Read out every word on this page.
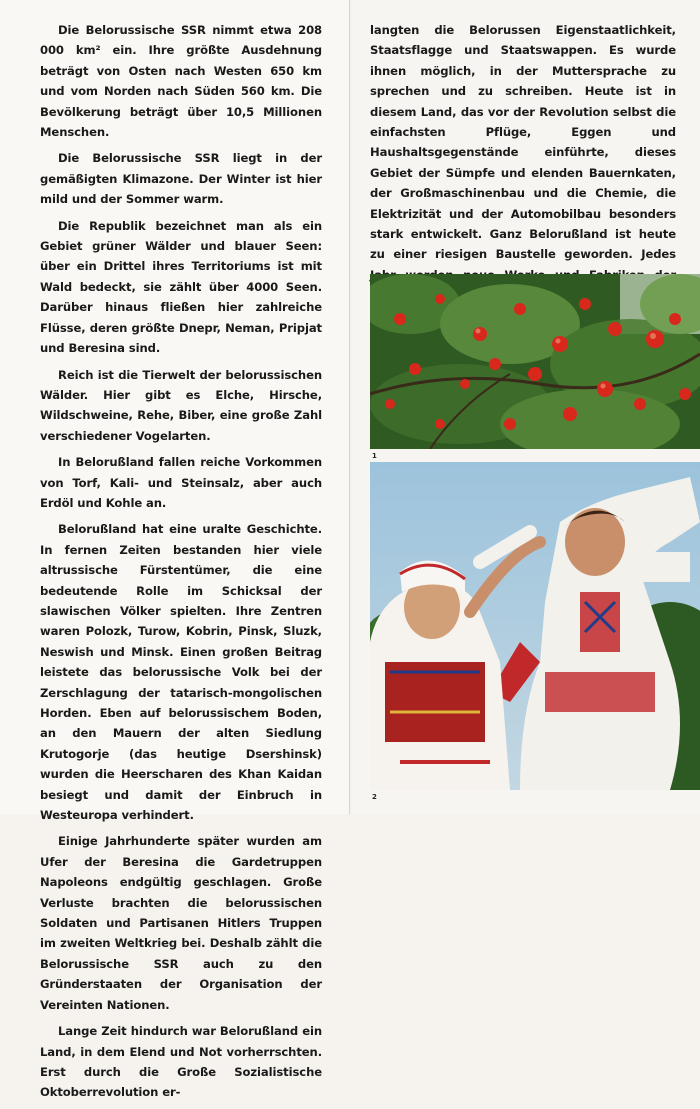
Die Belorussische SSR nimmt etwa 208 000 km² ein. Ihre größte Ausdehnung beträgt von Osten nach Westen 650 km und vom Norden nach Süden 560 km. Die Bevölkerung beträgt über 10,5 Millionen Menschen.

Die Belorussische SSR liegt in der gemäßigten Klimazone. Der Winter ist hier mild und der Sommer warm.

Die Republik bezeichnet man als ein Gebiet grüner Wälder und blauer Seen: über ein Drittel ihres Territoriums ist mit Wald bedeckt, sie zählt über 4000 Seen. Darüber hinaus fließen hier zahlreiche Flüsse, deren größte Dnepr, Neman, Pripjat und Beresina sind.

Reich ist die Tierwelt der belorussischen Wälder. Hier gibt es Elche, Hirsche, Wildschweine, Rehe, Biber, eine große Zahl verschiedener Vogelarten.

In Belorußland fallen reiche Vorkommen von Torf, Kali- und Steinsalz, aber auch Erdöl und Kohle an.

Belorußland hat eine uralte Geschichte. In fernen Zeiten bestanden hier viele altrussische Fürstentümer, die eine bedeutende Rolle im Schicksal der slawischen Völker spielten. Ihre Zentren waren Polozk, Turow, Kobrin, Pinsk, Sluzk, Neswish und Minsk. Einen großen Beitrag leistete das belorussische Volk bei der Zerschlagung der tatarisch-mongolischen Horden. Eben auf belorussischem Boden, an den Mauern der alten Siedlung Krutogorje (das heutige Dsershinsk) wurden die Heerscharen des Khan Kaidan besiegt und damit der Einbruch in Westeuropa verhindert.

Einige Jahrhunderte später wurden am Ufer der Beresina die Gardetruppen Napoleons endgültig geschlagen. Große Verluste brachten die belorussischen Soldaten und Partisanen Hitlers Truppen im zweiten Weltkrieg bei. Deshalb zählt die Belorussische SSR auch zu den Gründerstaaten der Organisation der Vereinten Nationen.

Lange Zeit hindurch war Belorußland ein Land, in dem Elend und Not vorherrschten. Erst durch die Große Sozialistische Oktoberrevolution er-

langten die Belorussen Eigenstaatlichkeit, Staatsflagge und Staatswappen. Es wurde ihnen möglich, in der Muttersprache zu sprechen und zu schreiben. Heute ist in diesem Land, das vor der Revolution selbst die einfachsten Pflüge, Eggen und Haushaltsgegenstände einführte, dieses Gebiet der Sümpfe und elenden Bauernkaten, der Großmaschinenbau und die Chemie, die Elektrizität und der Automobilbau besonders stark entwickelt. Ganz Belorußland ist heute zu einer riesigen Baustelle geworden. Jedes

1
2
